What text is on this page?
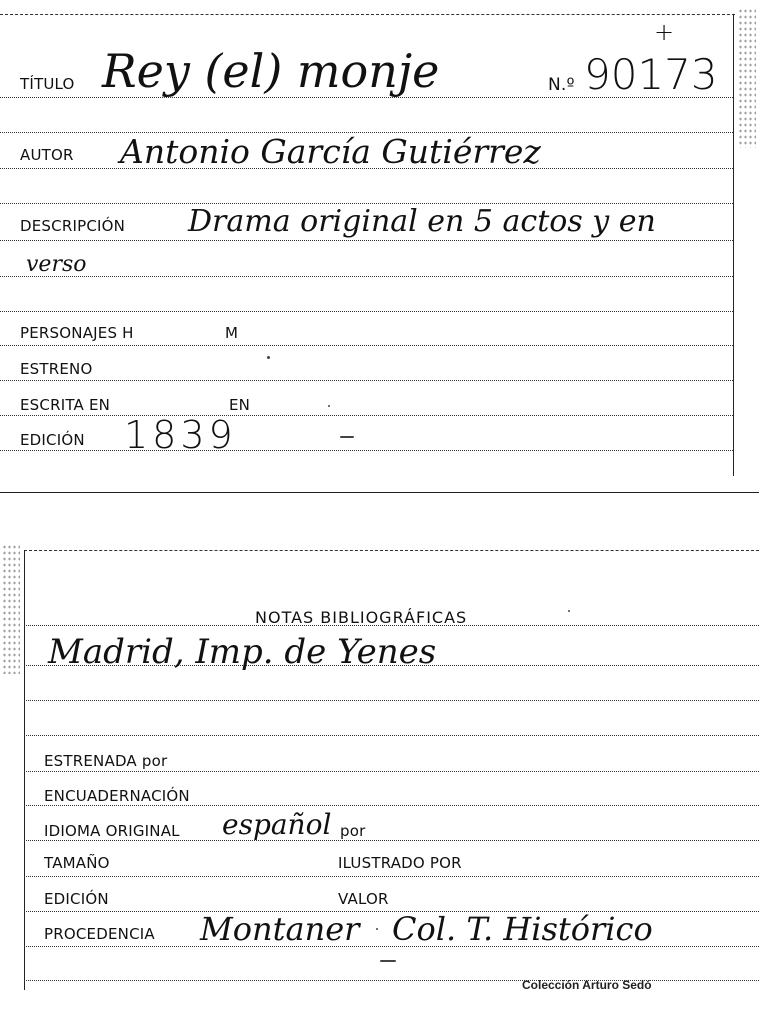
TÍTULO Rey (el) monje	N.º 90173
+
AUTOR Antonio García Gutiérrez
DESCRIPCIÓN Drama original en 5 actos y en
verso
PERSONAJES H	M
ESTRENO
ESCRITA EN	EN
EDICIÓN 1839
NOTAS BIBLIOGRÁFICAS
Madrid, Imp. de Yenes
ESTRENADA por
ENCUADERNACIÓN
IDIOMA ORIGINAL español por
TAMAÑO	ILUSTRADO POR
EDICIÓN	VALOR
PROCEDENCIA Montaner Col. T. Histórico
Colección Arturo Sedó
